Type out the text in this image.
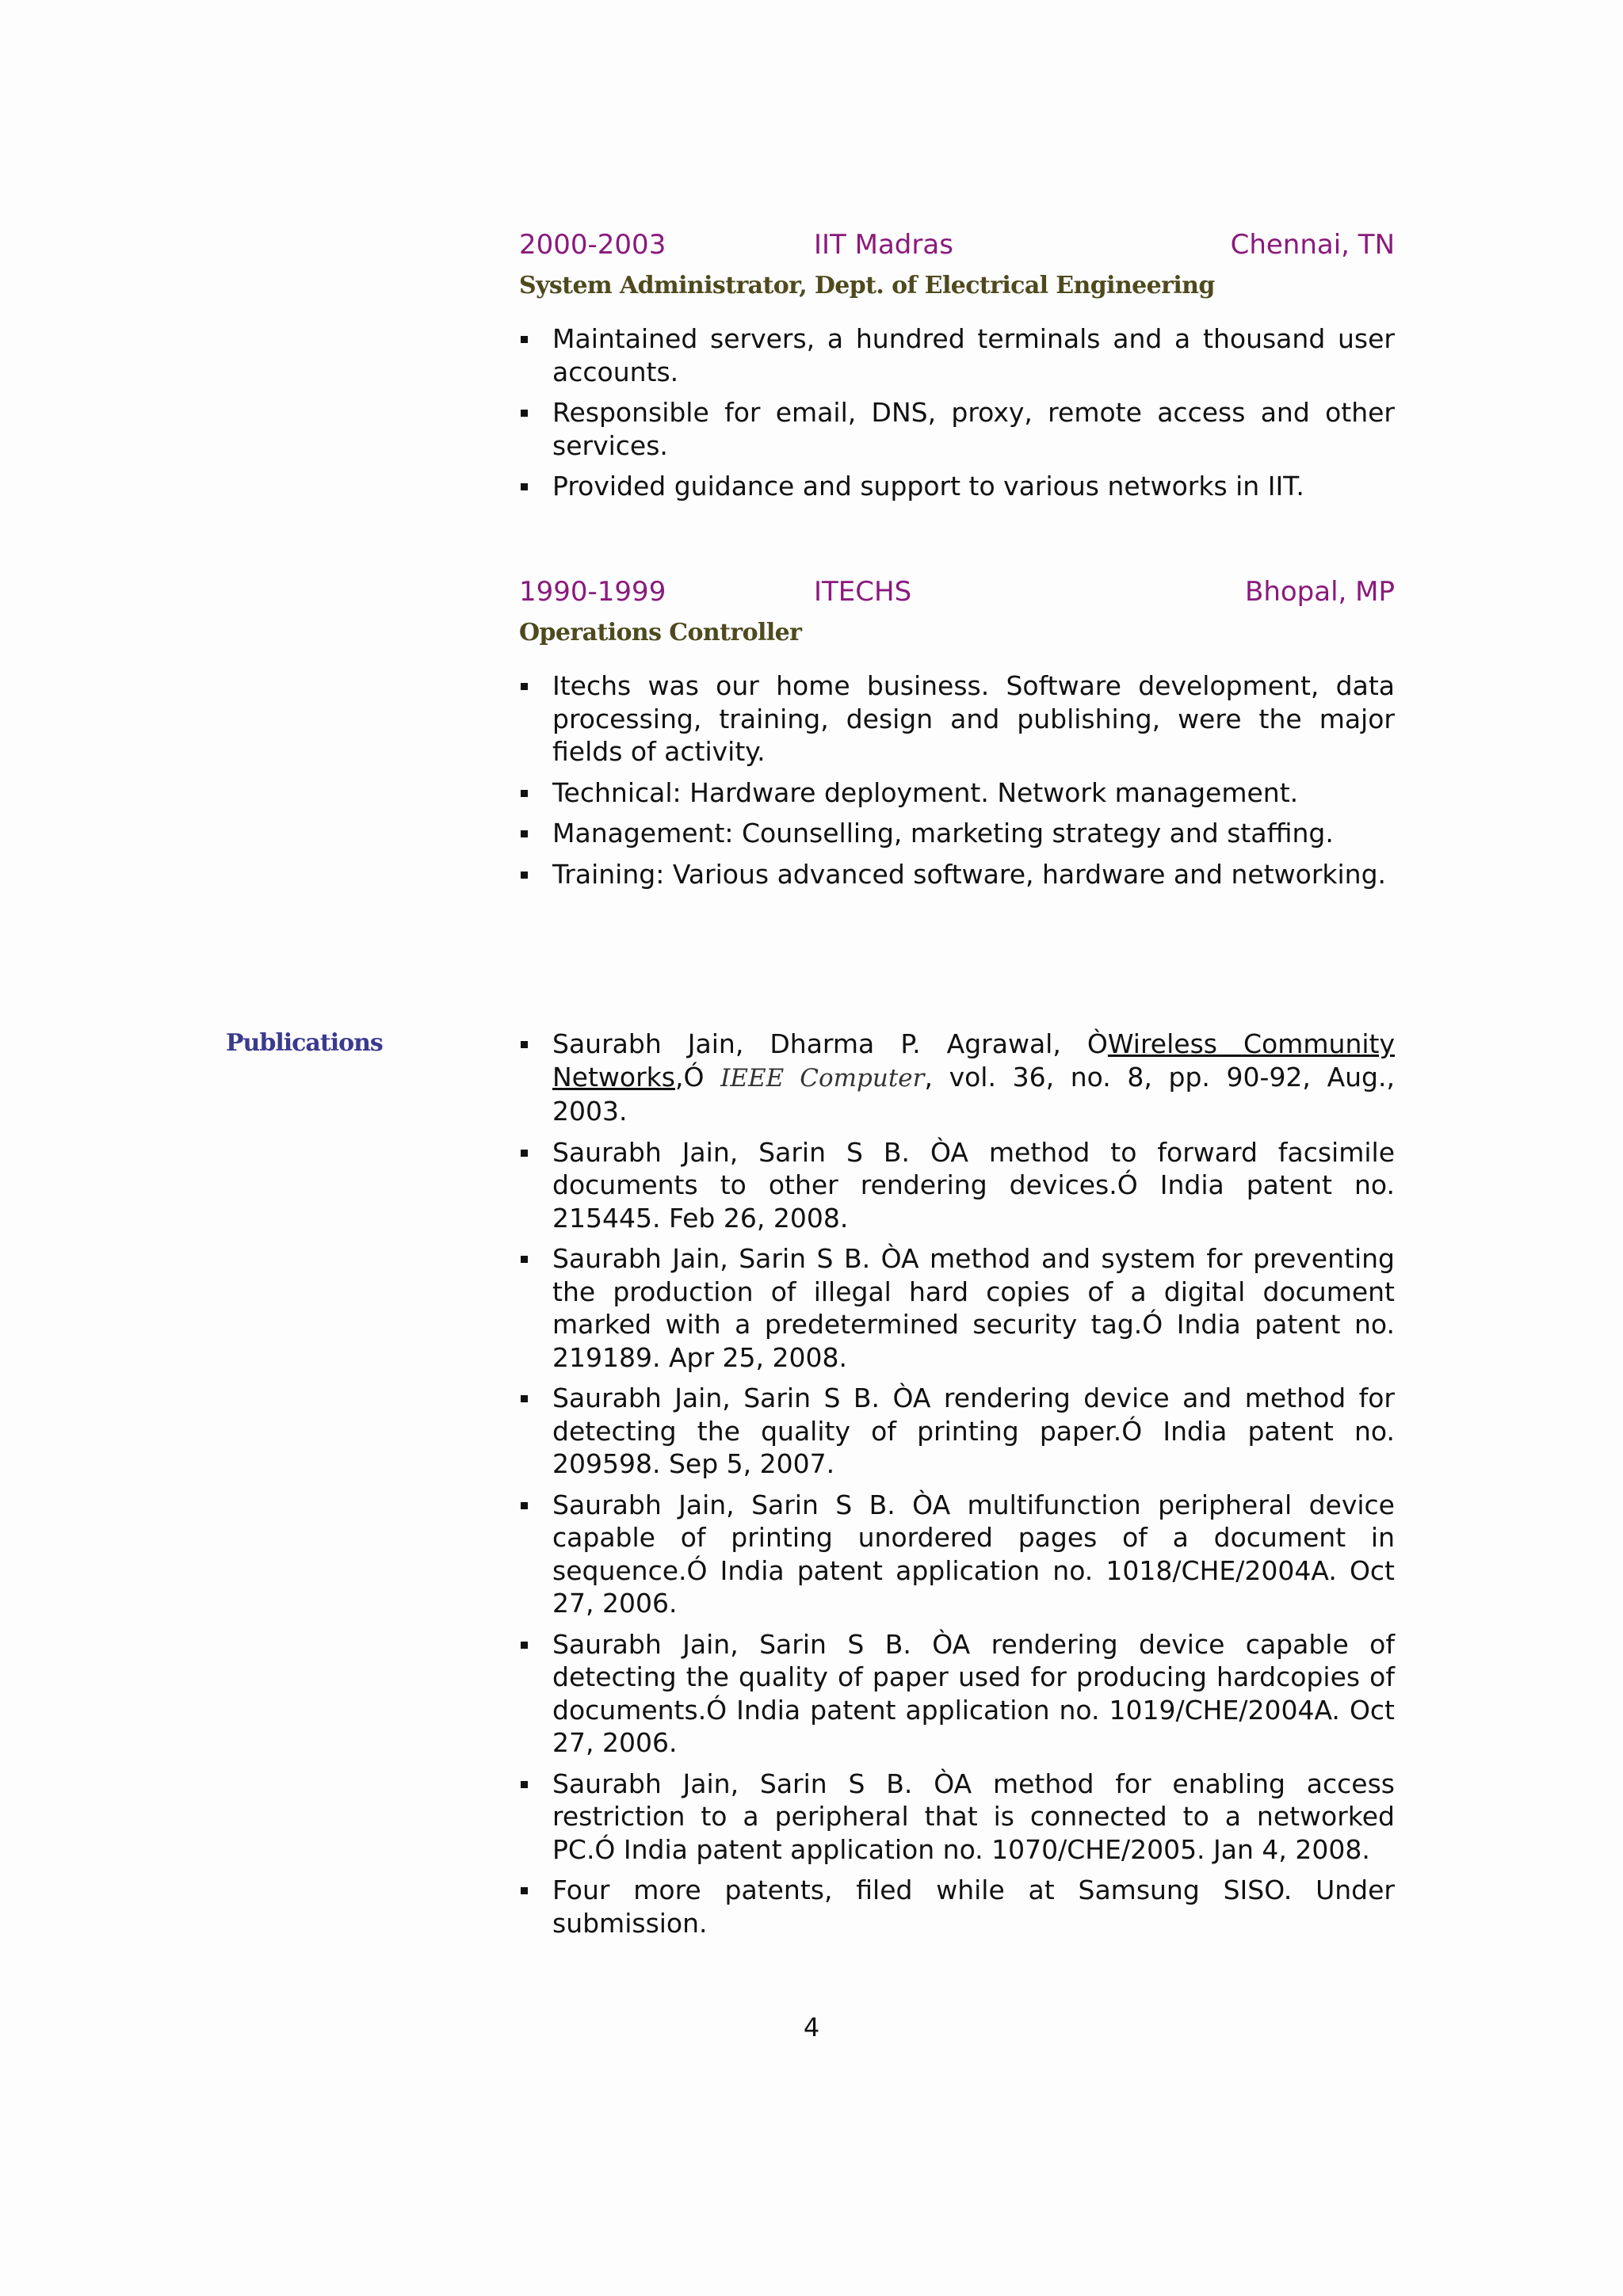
2000-2003	IIT Madras	Chennai, TN
System Administrator, Dept. of Electrical Engineering
Maintained servers, a hundred terminals and a thousand user accounts.
Responsible for email, DNS, proxy, remote access and other services.
Provided guidance and support to various networks in IIT.
1990-1999	ITECHS	Bhopal, MP
Operations Controller
Itechs was our home business. Software development, data processing, training, design and publishing, were the major fields of activity.
Technical: Hardware deployment. Network management.
Management: Counselling, marketing strategy and staffing.
Training: Various advanced software, hardware and networking.
Publications	Saurabh Jain, Dharma P. Agrawal, ÒWireless Community Networks,Ó IEEE Computer, vol. 36, no. 8, pp. 90-92, Aug., 2003.
Saurabh Jain, Sarin S B. ÒA method to forward facsimile documents to other rendering devices.Ó India patent no. 215445. Feb 26, 2008.
Saurabh Jain, Sarin S B. ÒA method and system for preventing the production of illegal hard copies of a digital document marked with a predetermined security tag.Ó India patent no. 219189. Apr 25, 2008.
Saurabh Jain, Sarin S B. ÒA rendering device and method for detecting the quality of printing paper.Ó India patent no. 209598. Sep 5, 2007.
Saurabh Jain, Sarin S B. ÒA multifunction peripheral device capable of printing unordered pages of a document in sequence.Ó India patent application no. 1018/CHE/2004A. Oct 27, 2006.
Saurabh Jain, Sarin S B. ÒA rendering device capable of detecting the quality of paper used for producing hardcopies of documents.Ó India patent application no. 1019/CHE/2004A. Oct 27, 2006.
Saurabh Jain, Sarin S B. ÒA method for enabling access restriction to a peripheral that is connected to a networked PC.Ó India patent application no. 1070/CHE/2005. Jan 4, 2008.
Four more patents, filed while at Samsung SISO. Under submission.
4
